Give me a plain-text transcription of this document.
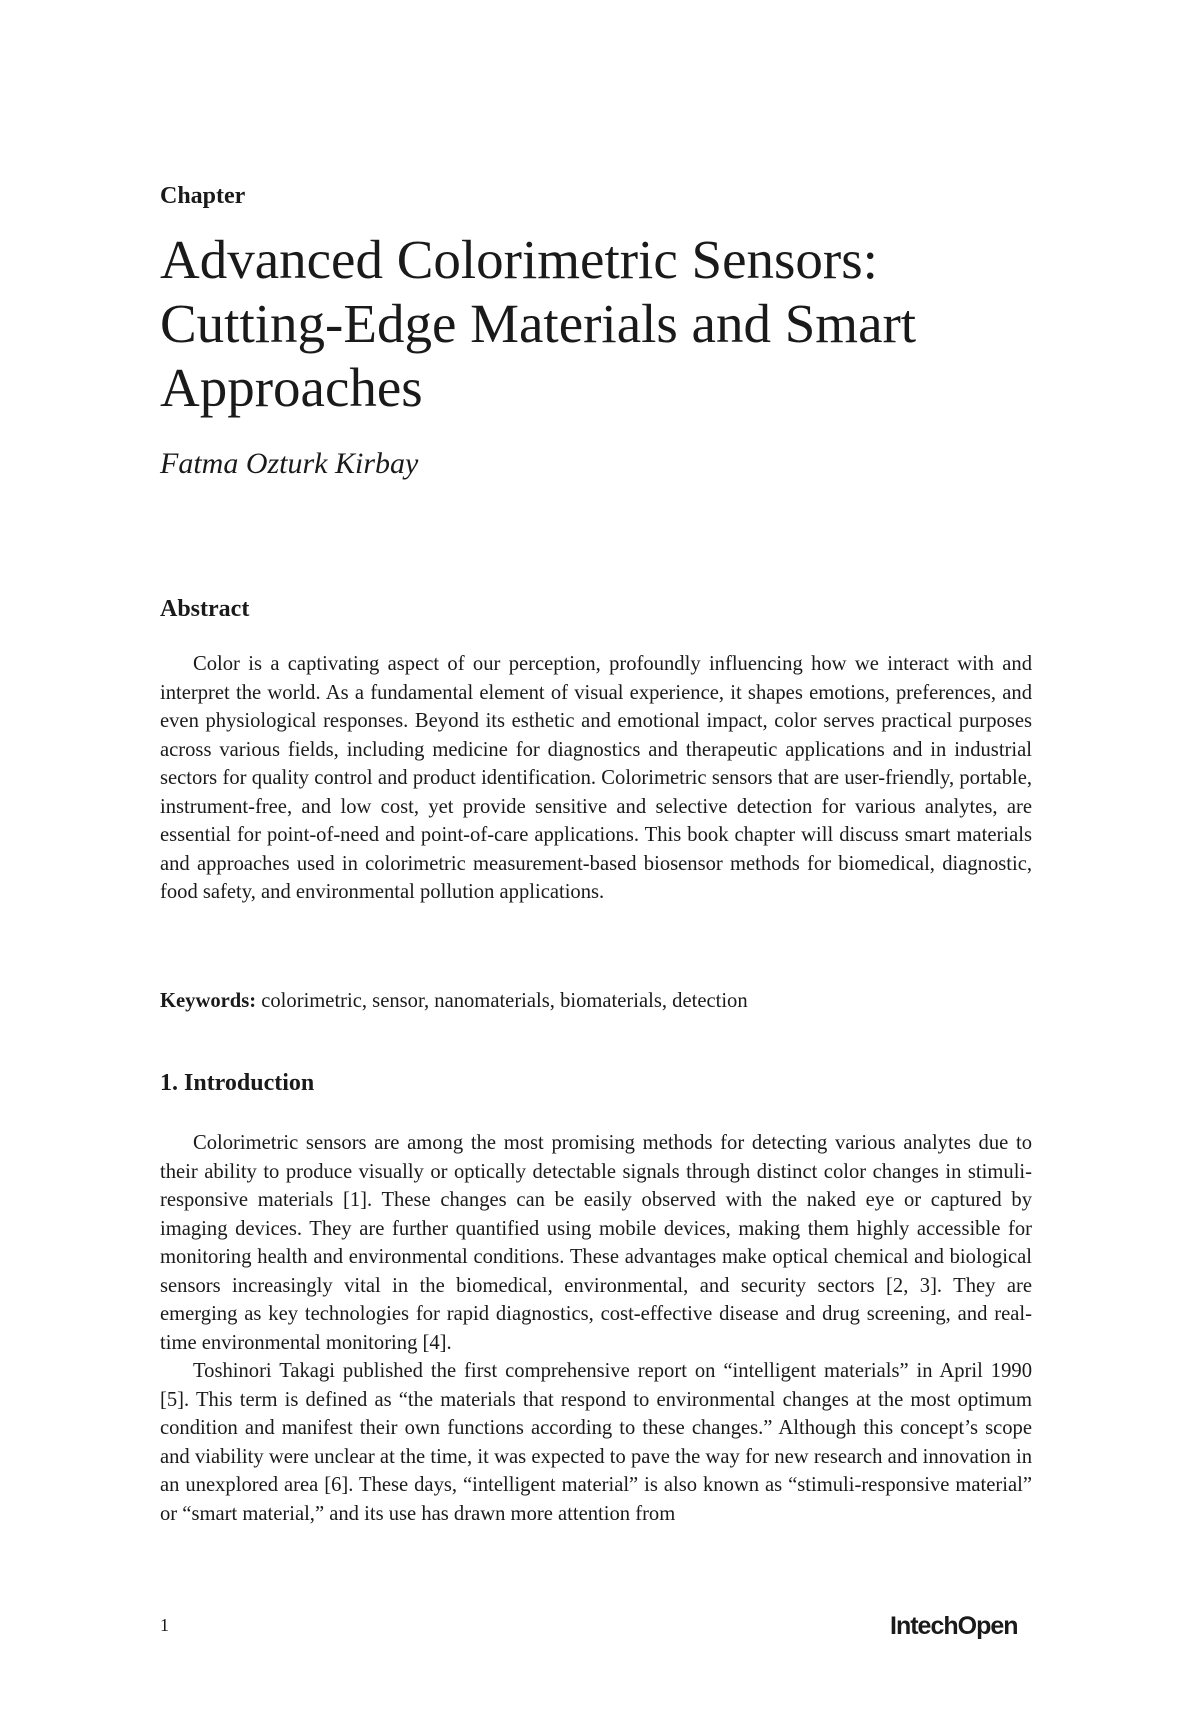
Chapter
Advanced Colorimetric Sensors: Cutting-Edge Materials and Smart Approaches
Fatma Ozturk Kirbay
Abstract

Color is a captivating aspect of our perception, profoundly influencing how we interact with and interpret the world. As a fundamental element of visual experience, it shapes emotions, preferences, and even physiological responses. Beyond its esthetic and emotional impact, color serves practical purposes across various fields, including medicine for diagnostics and therapeutic applications and in industrial sectors for quality control and product identification. Colorimetric sensors that are user-friendly, portable, instrument-free, and low cost, yet provide sensitive and selective detection for various analytes, are essential for point-of-need and point-of-care applications. This book chapter will discuss smart materials and approaches used in colorimetric measurement-based biosensor methods for biomedical, diagnostic, food safety, and environmental pollution applications.

Keywords: colorimetric, sensor, nanomaterials, biomaterials, detection
1. Introduction

Colorimetric sensors are among the most promising methods for detecting various analytes due to their ability to produce visually or optically detectable signals through distinct color changes in stimuli-responsive materials [1]. These changes can be easily observed with the naked eye or captured by imaging devices. They are further quantified using mobile devices, making them highly accessible for monitoring health and environmental conditions. These advantages make optical chemical and biological sensors increasingly vital in the biomedical, environmental, and security sectors [2, 3]. They are emerging as key technologies for rapid diagnostics, cost-effective disease and drug screening, and real-time environmental monitoring [4].

Toshinori Takagi published the first comprehensive report on “intelligent materials” in April 1990 [5]. This term is defined as “the materials that respond to environmental changes at the most optimum condition and manifest their own functions according to these changes.” Although this concept’s scope and viability were unclear at the time, it was expected to pave the way for new research and innovation in an unexplored area [6]. These days, “intelligent material” is also known as “stimuli-responsive material” or “smart material,” and its use has drawn more attention from

1	IntechOpen
